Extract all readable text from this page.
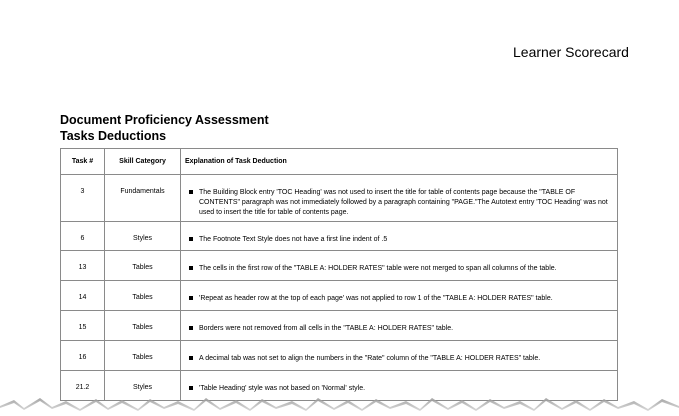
Learner Scorecard
Document Proficiency Assessment
Tasks Deductions
Task #	Skill Category	Explanation of Task Deduction
3	Fundamentals	The Building Block entry 'TOC Heading' was not used to insert the title for table of contents page because the "TABLE OF CONTENTS" paragraph was not immediately followed by a paragraph containing "PAGE."The Autotext entry 'TOC Heading' was not used to insert the title for table of contents page.

6	Styles	The Footnote Text Style does not have a first line indent of .5

13	Tables	The cells in the first row of the "TABLE A: HOLDER RATES" table were not merged to span all columns of the table.

14	Tables	'Repeat as header row at the top of each page' was not applied to row 1 of the "TABLE A: HOLDER RATES" table.

15	Tables	Borders were not removed from all cells in the "TABLE A: HOLDER RATES" table.

16	Tables	A decimal tab was not set to align the numbers in the "Rate" column of the "TABLE A: HOLDER RATES" table.

21.2	Styles	'Table Heading' style was not based on 'Normal' style.
